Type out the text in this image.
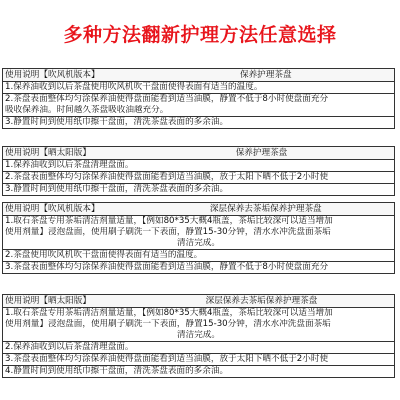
多种方法翻新护理方法任意选择
使用说明【吹风机版本】	保养护理茶盘
1.保养油收到以后茶盘使用吹风机吹干盘面使得表面有适当的温度。
2.茶盘表面整体均匀涂保养油使得盘面能看到适当油膜，静置不低于8小时使盘面充分
吸收保养油。时间越久茶盘吸收油越充分。
3.静置时间到使用纸巾擦干盘面，清洗茶盘表面的多余油。
使用说明【晒太阳版】	保养护理茶盘
1.保养油收到以后茶盘清理盘面。
2.茶盘表面整体均匀涂保养油使得盘面能看到适当油膜，放于太阳下晒不低于2小时使
3.静置时间到使用纸巾擦干盘面，清洗茶盘表面的多余油。
使用说明【吹风机版本】	深层保养去茶垢保养护理茶盘
1.取石茶盘专用茶垢清洁剂量适量，【例如80*35大概4瓶盖，茶垢比较深可以适当增加
使用剂量】浸泡盘面，使用刷子刷洗一下表面，静置15-30分钟，清水水冲洗盘面茶垢
清洁完成。
2.茶盘使用吹风机吹干盘面使得表面有适当的温度。
3.茶盘表面整体均匀涂保养油使得盘面能看到适当油膜，静置不低于8小时使盘面充分
使用说明【晒太阳版】	深层保养去茶垢保养护理茶盘
1.取石茶盘专用茶垢清洁剂量适量，【例如80*35大概4瓶盖，茶垢比较深可以适当增加
使用剂量】浸泡盘面，使用刷子刷洗一下表面，静置15-30分钟，清水水冲洗盘面茶垢
清洁完成。
2.保养油收到以后茶盘清理盘面。
3.茶盘表面整体均匀涂保养油使得盘面能看到适当油膜，放于太阳下晒不低于2小时使
4.静置时间到使用纸巾擦干盘面，清洗茶盘表面的多余油。
